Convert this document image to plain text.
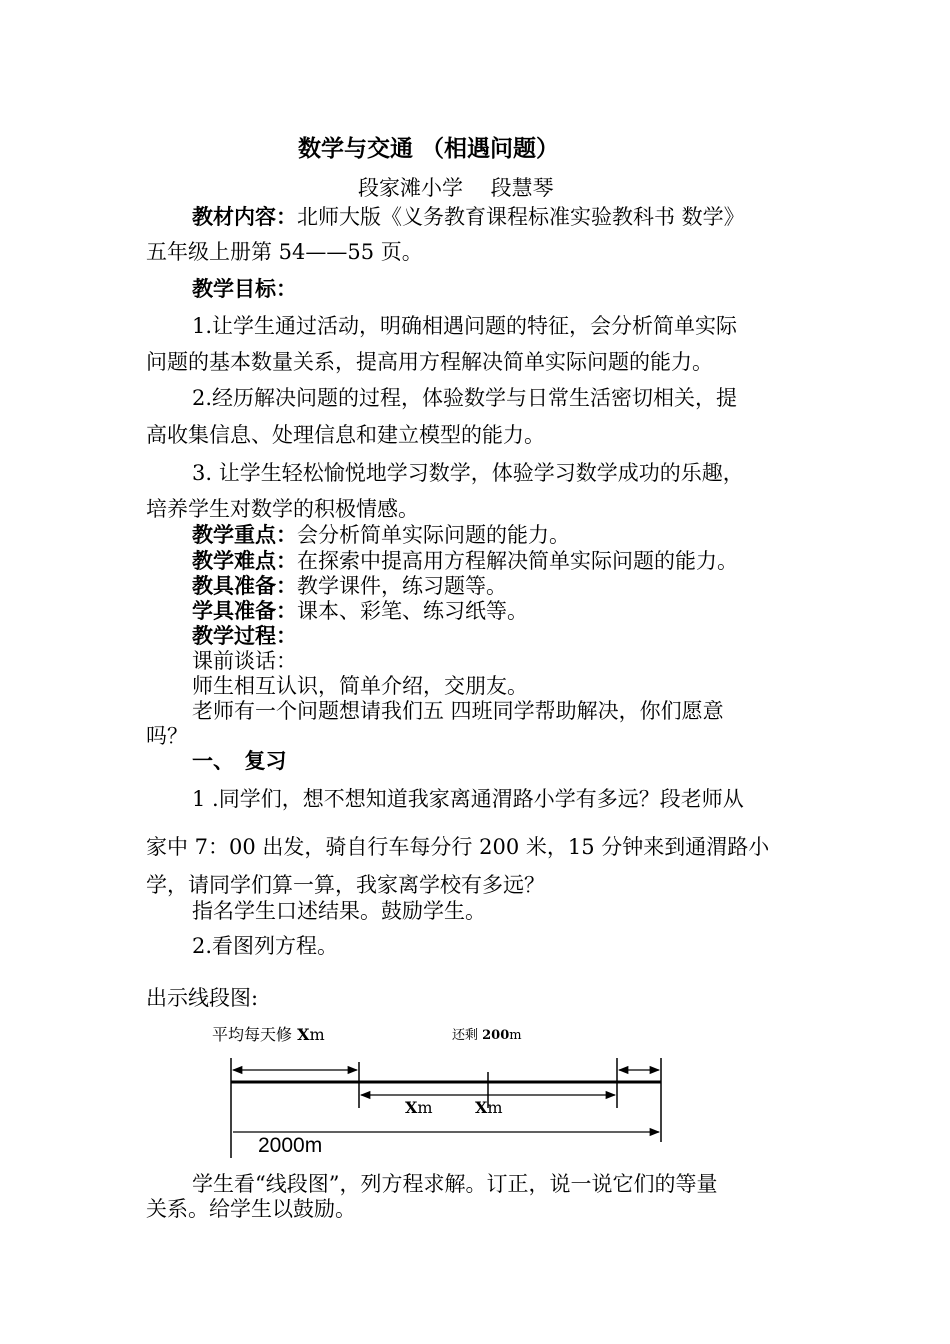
数学与交通 （相遇问题）
段家滩小学　 段慧琴
教材内容：北师大版《义务教育课程标准实验教科书 数学》
五年级上册第 54——55 页。
教学目标：
1.让学生通过活动，明确相遇问题的特征，会分析简单实际
问题的基本数量关系，提高用方程解决简单实际问题的能力。
2.经历解决问题的过程，体验数学与日常生活密切相关，提
高收集信息、处理信息和建立模型的能力。
3. 让学生轻松愉悦地学习数学，体验学习数学成功的乐趣，
培养学生对数学的积极情感。
教学重点：会分析简单实际问题的能力。
教学难点：在探索中提高用方程解决简单实际问题的能力。
教具准备：教学课件，练习题等。
学具准备：课本、彩笔、练习纸等。
教学过程：
课前谈话：
师生相互认识，简单介绍，交朋友。
老师有一个问题想请我们五 四班同学帮助解决，你们愿意
吗？
一、　复习
1 .同学们，想不想知道我家离通渭路小学有多远？段老师从
家中 7：00 出发，骑自行车每分行 200 米，15 分钟来到通渭路小
学，请同学们算一算，我家离学校有多远？
指名学生口述结果。鼓励学生。
2.看图列方程。
出示线段图:
平均每天修 Xm	还剩 200m
Xm	Xm
2000m
学生看“线段图”，列方程求解。订正，说一说它们的等量
关系。给学生以鼓励。
